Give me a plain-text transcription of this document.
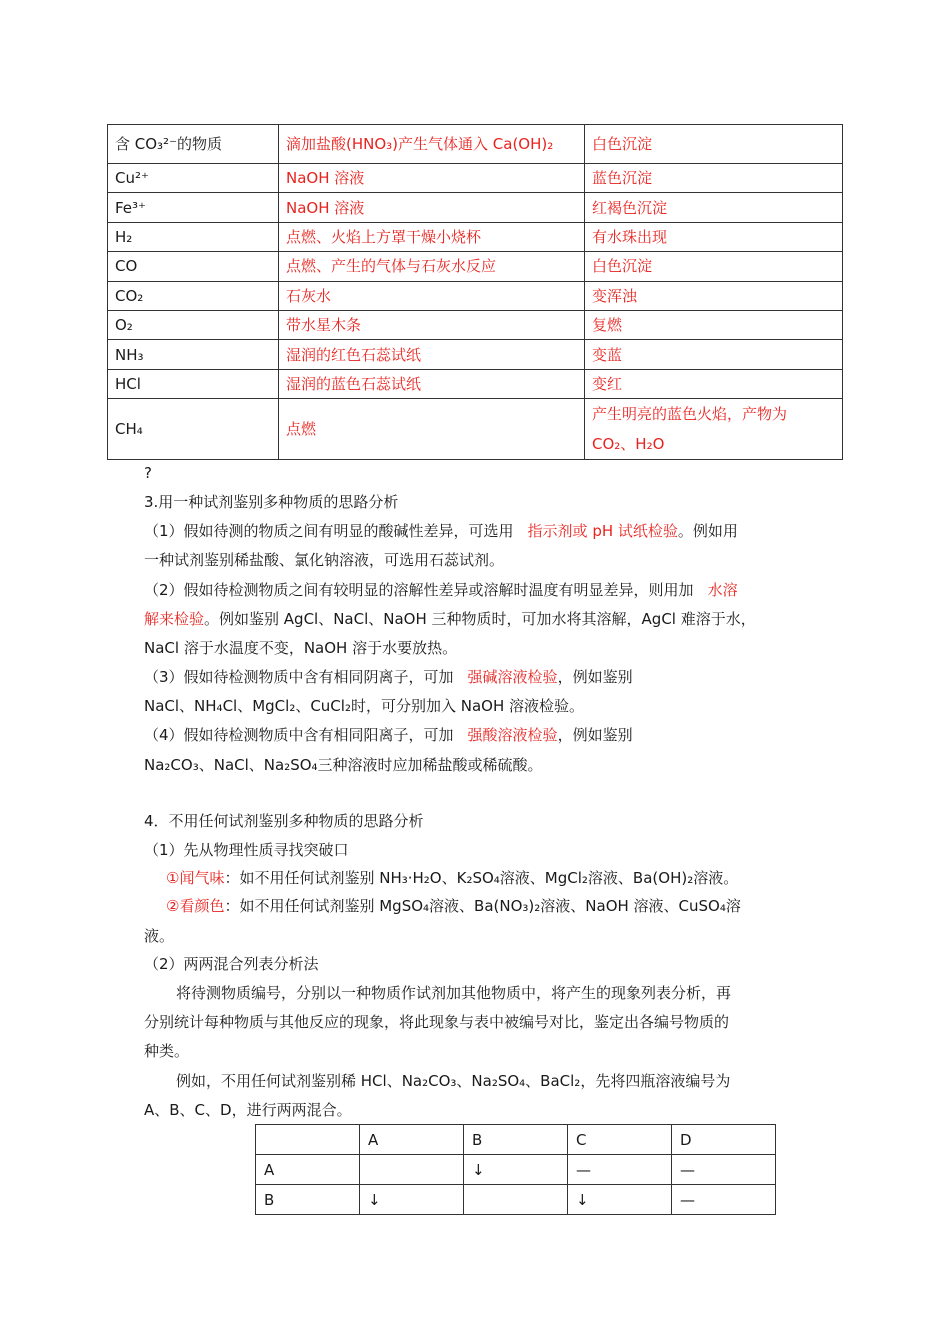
含 CO₃²⁻的物质	滴加盐酸(HNO₃)产生气体通入 Ca(OH)₂	白色沉淀
Cu²⁺	NaOH 溶液	蓝色沉淀
Fe³⁺	NaOH 溶液	红褐色沉淀
H₂	点燃、火焰上方罩干燥小烧杯	有水珠出现
CO	点燃、产生的气体与石灰水反应	白色沉淀
CO₂	石灰水	变浑浊
O₂	带水星木条	复燃
NH₃	湿润的红色石蕊试纸	变蓝
HCl	湿润的蓝色石蕊试纸	变红
CH₄	点燃	产生明亮的蓝色火焰，产物为
CO₂、H₂O
?
3.用一种试剂鉴别多种物质的思路分析
（1）假如待测的物质之间有明显的酸碱性差异，可选用 指示剂或 pH 试纸检验。例如用
一种试剂鉴别稀盐酸、氯化钠溶液，可选用石蕊试剂。
（2）假如待检测物质之间有较明显的溶解性差异或溶解时温度有明显差异，则用加 水溶
解来检验。例如鉴别 AgCl、NaCl、NaOH 三种物质时，可加水将其溶解，AgCl 难溶于水，
NaCl 溶于水温度不变，NaOH 溶于水要放热。
（3）假如待检测物质中含有相同阴离子，可加 强碱溶液检验，例如鉴别
NaCl、NH₄Cl、MgCl₂、CuCl₂时，可分别加入 NaOH 溶液检验。
（4）假如待检测物质中含有相同阳离子，可加 强酸溶液检验，例如鉴别
Na₂CO₃、NaCl、Na₂SO₄三种溶液时应加稀盐酸或稀硫酸。
4．不用任何试剂鉴别多种物质的思路分析
（1）先从物理性质寻找突破口
①闻气味：如不用任何试剂鉴别 NH₃·H₂O、K₂SO₄溶液、MgCl₂溶液、Ba(OH)₂溶液。
②看颜色：如不用任何试剂鉴别 MgSO₄溶液、Ba(NO₃)₂溶液、NaOH 溶液、CuSO₄溶
液。
（2）两两混合列表分析法
将待测物质编号，分别以一种物质作试剂加其他物质中，将产生的现象列表分析，再
分别统计每种物质与其他反应的现象，将此现象与表中被编号对比，鉴定出各编号物质的
种类。
例如，不用任何试剂鉴别稀 HCl、Na₂CO₃、Na₂SO₄、BaCl₂，先将四瓶溶液编号为
A、B、C、D，进行两两混合。
	A	B	C	D
A		↓	—	—
B	↓		↓	—
